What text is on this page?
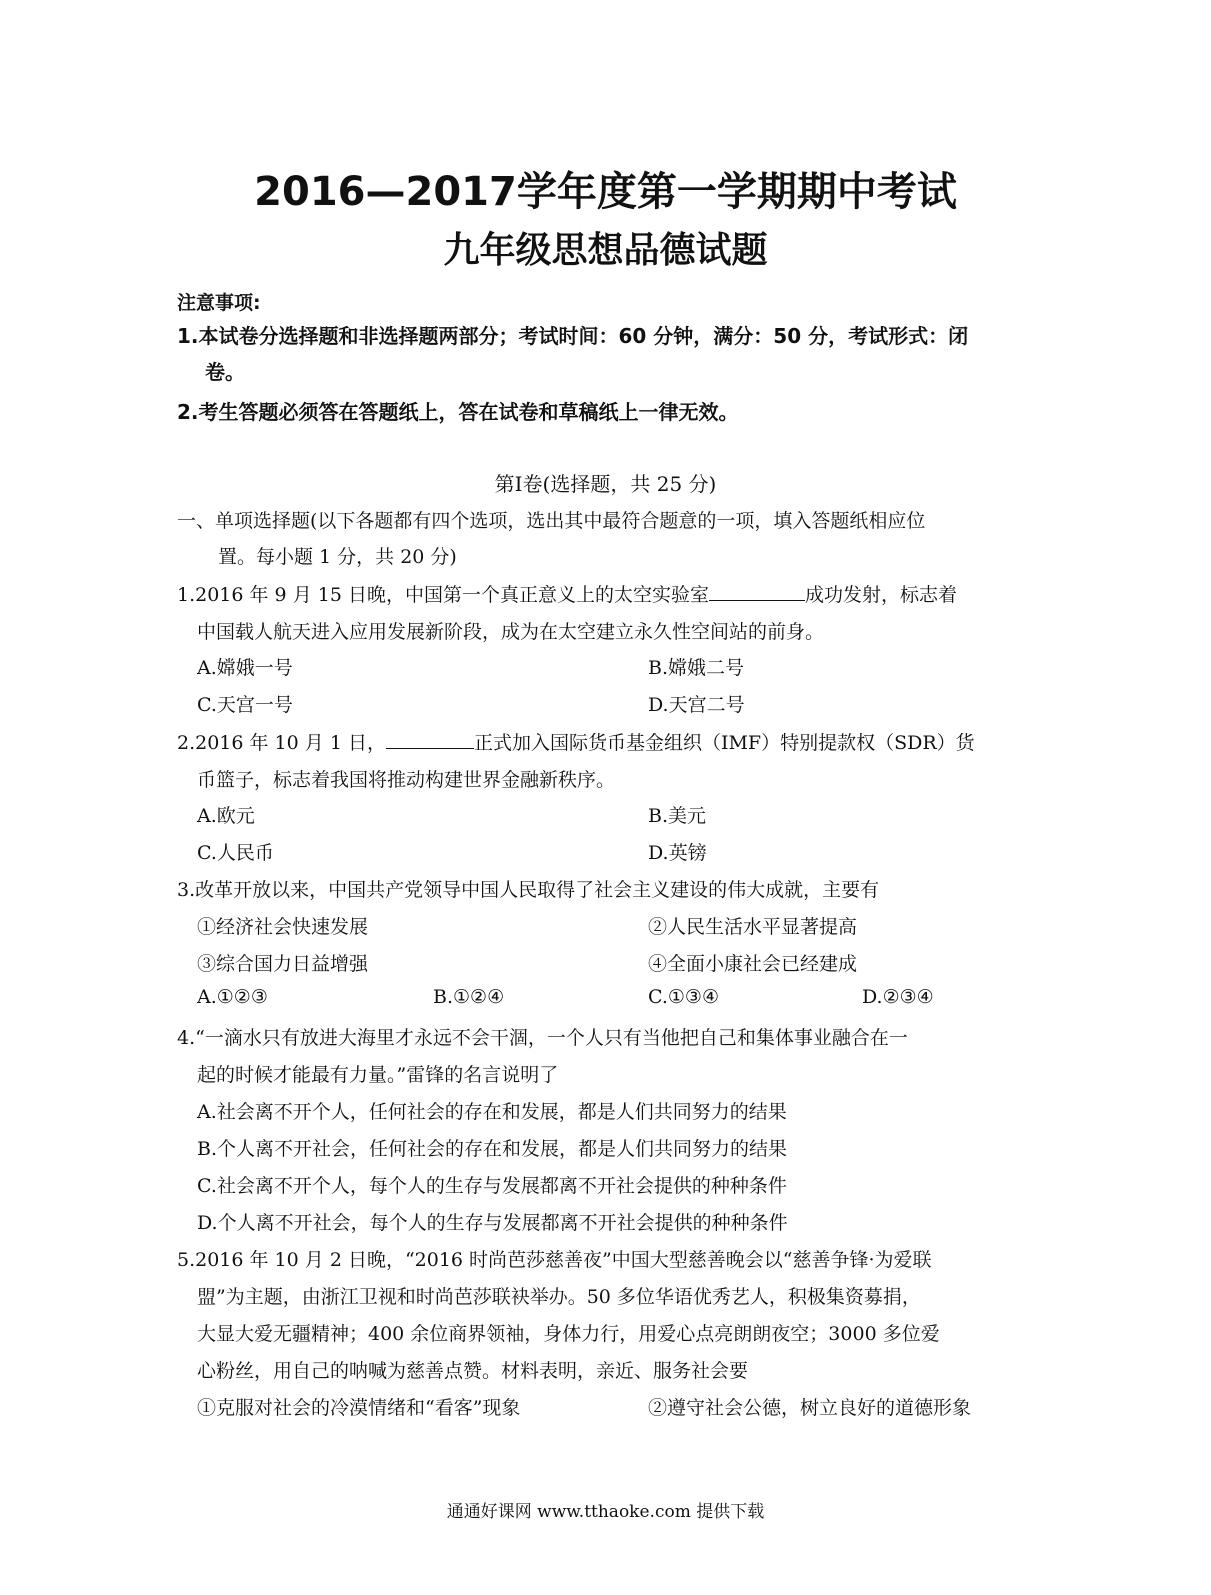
2016—2017学年度第一学期期中考试
九年级思想品德试题
注意事项:
1.本试卷分选择题和非选择题两部分；考试时间：60 分钟，满分：50 分，考试形式：闭
卷。
2.考生答题必须答在答题纸上，答在试卷和草稿纸上一律无效。
第Ⅰ卷(选择题，共 25 分)
一、单项选择题(以下各题都有四个选项，选出其中最符合题意的一项，填入答题纸相应位
置。每小题 1 分，共 20 分)
1.2016 年 9 月 15 日晚，中国第一个真正意义上的太空实验室	成功发射，标志着
中国载人航天进入应用发展新阶段，成为在太空建立永久性空间站的前身。
A.嫦娥一号	B.嫦娥二号
C.天宫一号	D.天宫二号
2.2016 年 10 月 1 日，	正式加入国际货币基金组织（IMF）特别提款权（SDR）货
币篮子，标志着我国将推动构建世界金融新秩序。
A.欧元	B.美元
C.人民币	D.英镑
3.改革开放以来，中国共产党领导中国人民取得了社会主义建设的伟大成就，主要有
①经济社会快速发展	②人民生活水平显著提高
③综合国力日益增强	④全面小康社会已经建成
A.①②③	B.①②④	C.①③④	D.②③④
4.“一滴水只有放进大海里才永远不会干涸，一个人只有当他把自己和集体事业融合在一
起的时候才能最有力量。”雷锋的名言说明了
A.社会离不开个人，任何社会的存在和发展，都是人们共同努力的结果
B.个人离不开社会，任何社会的存在和发展，都是人们共同努力的结果
C.社会离不开个人，每个人的生存与发展都离不开社会提供的种种条件
D.个人离不开社会，每个人的生存与发展都离不开社会提供的种种条件
5.2016 年 10 月 2 日晚，“2016 时尚芭莎慈善夜”中国大型慈善晚会以“慈善争锋·为爱联
盟”为主题，由浙江卫视和时尚芭莎联袂举办。50 多位华语优秀艺人，积极集资募捐，
大显大爱无疆精神；400 余位商界领袖，身体力行，用爱心点亮朗朗夜空；3000 多位爱
心粉丝，用自己的呐喊为慈善点赞。材料表明，亲近、服务社会要
①克服对社会的冷漠情绪和“看客”现象	②遵守社会公德，树立良好的道德形象
通通好课网 www.tthaoke.com 提供下载
